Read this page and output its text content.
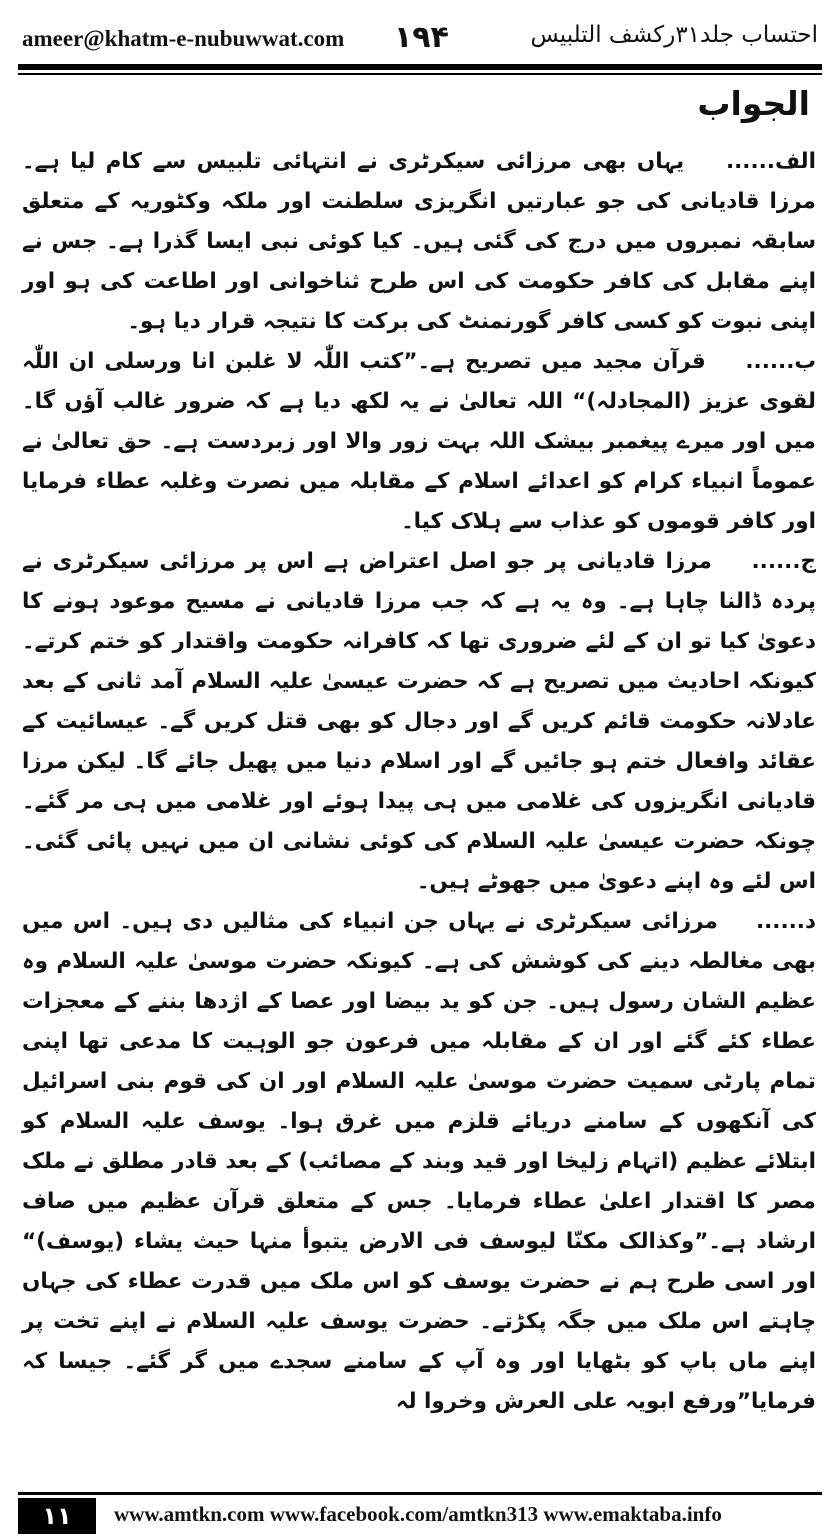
ameer@khatm-e-nubuwwat.com ۱۹۴	احتساب جلد۳۱رکشف التلبیس
الجواب

الف......    یہاں بھی مرزائی سیکرٹری نے انتہائی تلبیس سے کام لیا ہے۔ مرزا قادیانی کی جو عبارتیں انگریزی سلطنت اور ملکہ وکٹوریہ کے متعلق سابقہ نمبروں میں درج کی گئی ہیں۔ کیا کوئی نبی ایسا گذرا ہے۔ جس نے اپنے مقابل کی کافر حکومت کی اس طرح ثناخوانی اور اطاعت کی ہو اور اپنی نبوت کو کسی کافر گورنمنٹ کی برکت کا نتیجہ قرار دیا ہو۔

ب......    قرآن مجید میں تصریح ہے۔”کتب اللّٰہ لا غلبن انا ورسلی ان اللّٰہ لقوی عزیز (المجادلہ)“ اللہ تعالیٰ نے یہ لکھ دیا ہے کہ ضرور غالب آؤں گا۔ میں اور میرے پیغمبر بیشک اللہ بہت زور والا اور زبردست ہے۔ حق تعالیٰ نے عموماً انبیاء کرام کو اعدائے اسلام کے مقابلہ میں نصرت وغلبہ عطاء فرمایا اور کافر قوموں کو عذاب سے ہلاک کیا۔

ج......    مرزا قادیانی پر جو اصل اعتراض ہے اس پر مرزائی سیکرٹری نے پردہ ڈالنا چاہا ہے۔ وہ یہ ہے کہ جب مرزا قادیانی نے مسیح موعود ہونے کا دعویٰ کیا تو ان کے لئے ضروری تھا کہ کافرانہ حکومت واقتدار کو ختم کرتے۔ کیونکہ احادیث میں تصریح ہے کہ حضرت عیسیٰ علیہ السلام آمد ثانی کے بعد عادلانہ حکومت قائم کریں گے اور دجال کو بھی قتل کریں گے۔ عیسائیت کے عقائد وافعال ختم ہو جائیں گے اور اسلام دنیا میں پھیل جائے گا۔ لیکن مرزا قادیانی انگریزوں کی غلامی میں ہی پیدا ہوئے اور غلامی میں ہی مر گئے۔ چونکہ حضرت عیسیٰ علیہ السلام کی کوئی نشانی ان میں نہیں پائی گئی۔ اس لئے وہ اپنے دعویٰ میں جھوٹے ہیں۔

د......    مرزائی سیکرٹری نے یہاں جن انبیاء کی مثالیں دی ہیں۔ اس میں بھی مغالطہ دینے کی کوشش کی ہے۔ کیونکہ حضرت موسیٰ علیہ السلام وہ عظیم الشان رسول ہیں۔ جن کو ید بیضا اور عصا کے اژدھا بننے کے معجزات عطاء کئے گئے اور ان کے مقابلہ میں فرعون جو الوہیت کا مدعی تھا اپنی تمام پارٹی سمیت حضرت موسیٰ علیہ السلام اور ان کی قوم بنی اسرائیل کی آنکھوں کے سامنے دریائے قلزم میں غرق ہوا۔ یوسف علیہ السلام کو ابتلائے عظیم (اتہام زلیخا اور قید وبند کے مصائب) کے بعد قادر مطلق نے ملک مصر کا اقتدار اعلیٰ عطاء فرمایا۔ جس کے متعلق قرآن عظیم میں صاف ارشاد ہے۔”وکذالک مکنّا لیوسف فی الارض یتبوأ منہا حیث یشاء (یوسف)“ اور اسی طرح ہم نے حضرت یوسف کو اس ملک میں قدرت عطاء کی جہاں چاہتے اس ملک میں جگہ پکڑتے۔ حضرت یوسف علیہ السلام نے اپنے تخت پر اپنے ماں باپ کو بٹھایا اور وہ آپ کے سامنے سجدے میں گر گئے۔ جیسا کہ فرمایا”ورفع ابویہ علی العرش وخروا لہ

۱۱	www.amtkn.com www.facebook.com/amtkn313 www.emaktaba.info
